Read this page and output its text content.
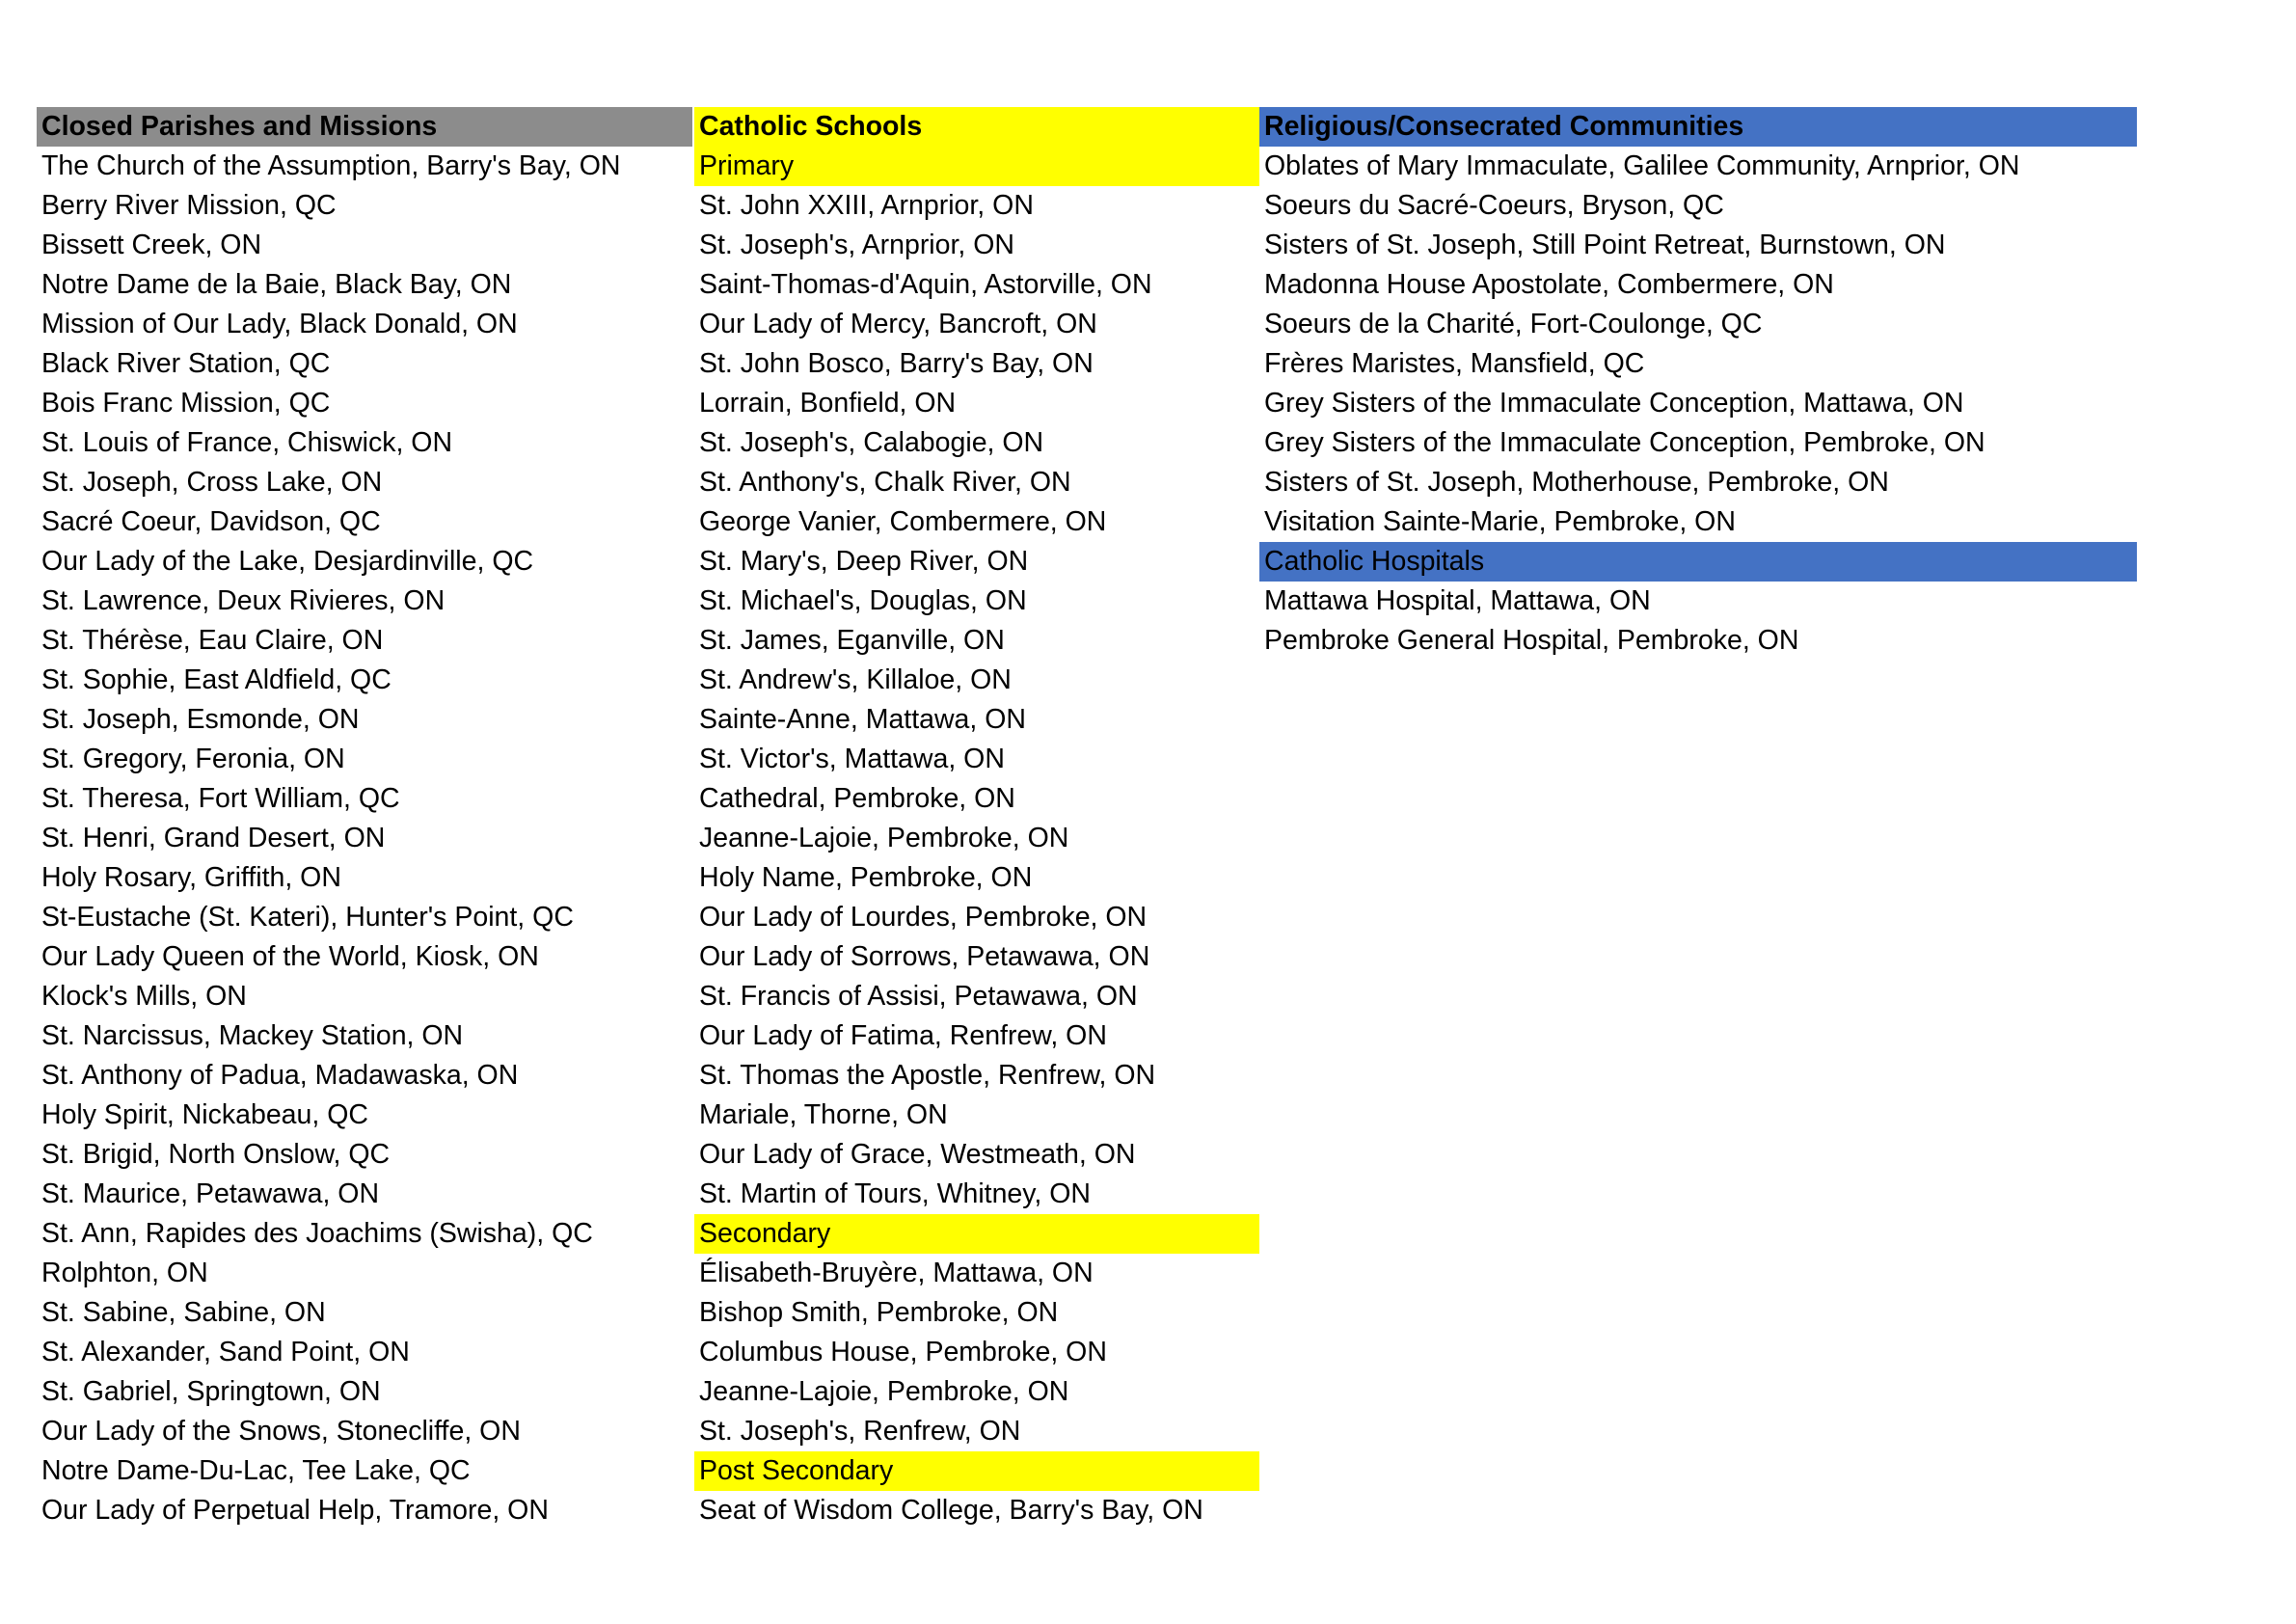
Closed Parishes and Missions
The Church of the Assumption, Barry's Bay, ON
Berry River Mission, QC
Bissett Creek, ON
Notre Dame de la Baie, Black Bay, ON
Mission of Our Lady, Black Donald, ON
Black River Station, QC
Bois Franc Mission, QC
St. Louis of France, Chiswick, ON
St. Joseph, Cross Lake, ON
Sacré Coeur, Davidson, QC
Our Lady of the Lake, Desjardinville, QC
St. Lawrence, Deux Rivieres, ON
St. Thérèse, Eau Claire, ON
St. Sophie, East Aldfield, QC
St. Joseph, Esmonde, ON
St. Gregory, Feronia, ON
St. Theresa, Fort William, QC
St. Henri, Grand Desert, ON
Holy Rosary, Griffith, ON
St-Eustache (St. Kateri), Hunter's Point, QC
Our Lady Queen of the World, Kiosk, ON
Klock's Mills, ON
St. Narcissus, Mackey Station, ON
St. Anthony of Padua, Madawaska, ON
Holy Spirit, Nickabeau, QC
St. Brigid, North Onslow, QC
St. Maurice, Petawawa, ON
St. Ann, Rapides des Joachims (Swisha), QC
Rolphton, ON
St. Sabine, Sabine, ON
St. Alexander, Sand Point, ON
St. Gabriel, Springtown, ON
Our Lady of the Snows, Stonecliffe, ON
Notre Dame-Du-Lac, Tee Lake, QC
Our Lady of Perpetual Help, Tramore, ON
Catholic Schools
Primary
St. John XXIII, Arnprior, ON
St. Joseph's, Arnprior, ON
Saint-Thomas-d'Aquin, Astorville, ON
Our Lady of Mercy, Bancroft, ON
St. John Bosco, Barry's Bay, ON
Lorrain, Bonfield, ON
St. Joseph's, Calabogie, ON
St. Anthony's, Chalk River, ON
George Vanier, Combermere, ON
St. Mary's, Deep River, ON
St. Michael's, Douglas, ON
St. James, Eganville, ON
St. Andrew's, Killaloe, ON
Sainte-Anne, Mattawa, ON
St. Victor's, Mattawa, ON
Cathedral, Pembroke, ON
Jeanne-Lajoie, Pembroke, ON
Holy Name, Pembroke, ON
Our Lady of Lourdes, Pembroke, ON
Our Lady of Sorrows, Petawawa, ON
St. Francis of Assisi, Petawawa, ON
Our Lady of Fatima, Renfrew, ON
St. Thomas the Apostle, Renfrew, ON
Mariale, Thorne, ON
Our Lady of Grace, Westmeath, ON
St. Martin of Tours, Whitney, ON
Secondary
Élisabeth-Bruyère, Mattawa, ON
Bishop Smith, Pembroke, ON
Columbus House, Pembroke, ON
Jeanne-Lajoie, Pembroke, ON
St. Joseph's, Renfrew, ON
Post Secondary
Seat of Wisdom College, Barry's Bay, ON
Religious/Consecrated Communities
Oblates of Mary Immaculate, Galilee Community, Arnprior, ON
Soeurs du Sacré-Coeurs, Bryson, QC
Sisters of St. Joseph, Still Point Retreat, Burnstown, ON
Madonna House Apostolate, Combermere, ON
Soeurs de la Charité, Fort-Coulonge, QC
Frères Maristes, Mansfield, QC
Grey Sisters of the Immaculate Conception, Mattawa, ON
Grey Sisters of the Immaculate Conception, Pembroke, ON
Sisters of St. Joseph, Motherhouse, Pembroke, ON
Visitation Sainte-Marie, Pembroke, ON
Catholic Hospitals
Mattawa Hospital, Mattawa, ON
Pembroke General Hospital, Pembroke, ON
